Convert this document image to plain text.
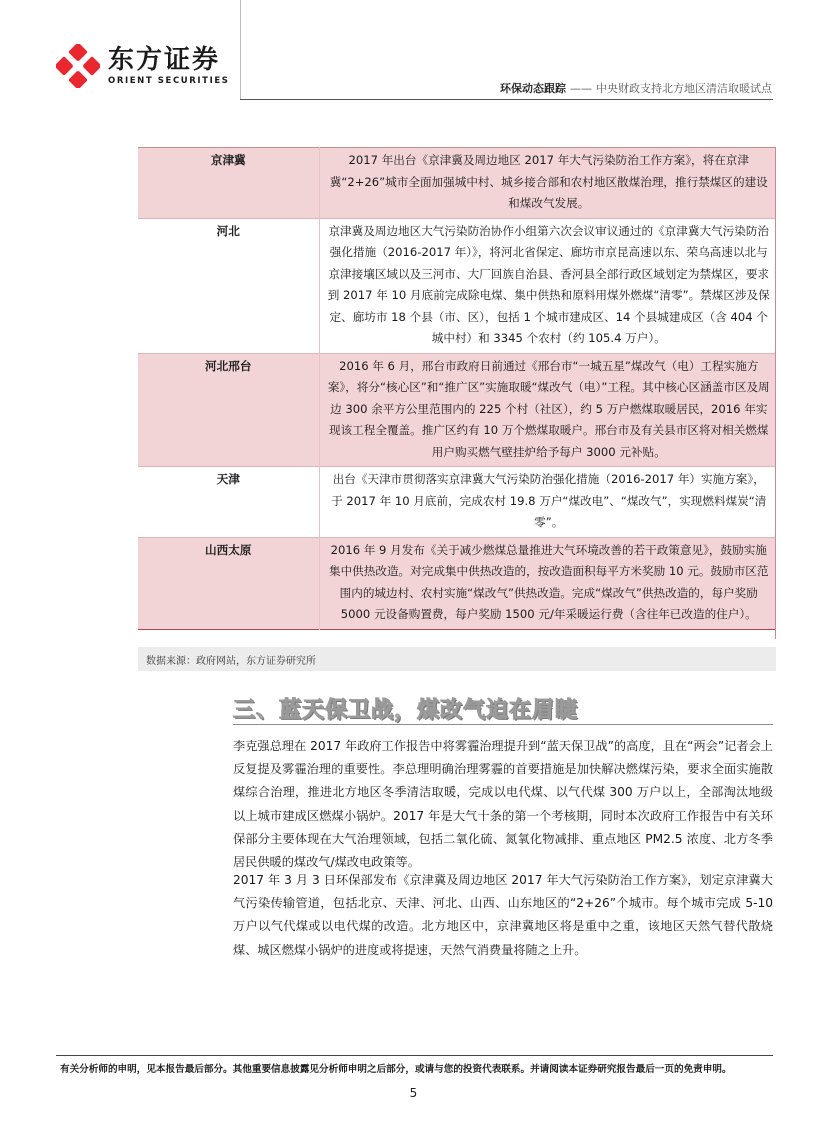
东方证券
ORIENT SECURITIES
环保动态跟踪 —— 中央财政支持北方地区清洁取暖试点
京津冀	2017 年出台《京津冀及周边地区 2017 年大气污染防治工作方案》，将在京津冀“2+26”城市全面加强城中村、城乡接合部和农村地区散煤治理，推行禁煤区的建设和煤改气发展。
河北	京津冀及周边地区大气污染防治协作小组第六次会议审议通过的《京津冀大气污染防治强化措施（2016-2017 年）》，将河北省保定、廊坊市京昆高速以东、荣乌高速以北与京津接壤区域以及三河市、大厂回族自治县、香河县全部行政区域划定为禁煤区，要求到 2017 年 10 月底前完成除电煤、集中供热和原料用煤外燃煤“清零”。禁煤区涉及保定、廊坊市 18 个县（市、区），包括 1 个城市建成区、14 个县城建成区（含 404 个城中村）和 3345 个农村（约 105.4 万户）。
河北邢台	2016 年 6 月，邢台市政府日前通过《邢台市“一城五星”煤改气（电）工程实施方案》，将分“核心区”和“推广区”实施取暖“煤改气（电）”工程。其中核心区涵盖市区及周边 300 余平方公里范围内的 225 个村（社区），约 5 万户燃煤取暖居民，2016 年实现该工程全覆盖。推广区约有 10 万个燃煤取暖户。邢台市及有关县市区将对相关燃煤用户购买燃气壁挂炉给予每户 3000 元补贴。
天津	出台《天津市贯彻落实京津冀大气污染防治强化措施（2016-2017 年）实施方案》，于 2017 年 10 月底前，完成农村 19.8 万户“煤改电”、“煤改气”，实现燃料煤炭“清零”。
山西太原	2016 年 9 月发布《关于减少燃煤总量推进大气环境改善的若干政策意见》，鼓励实施集中供热改造。对完成集中供热改造的，按改造面积每平方米奖励 10 元。鼓励市区范围内的城边村、农村实施“煤改气”供热改造。完成“煤改气”供热改造的，每户奖励 5000 元设备购置费，每户奖励 1500 元/年采暖运行费（含往年已改造的住户）。
数据来源：政府网站，东方证券研究所
三、蓝天保卫战，煤改气迫在眉睫

李克强总理在 2017 年政府工作报告中将雾霾治理提升到“蓝天保卫战”的高度，且在“两会”记者会上反复提及雾霾治理的重要性。李总理明确治理雾霾的首要措施是加快解决燃煤污染，要求全面实施散煤综合治理，推进北方地区冬季清洁取暖，完成以电代煤、以气代煤 300 万户以上，全部淘汰地级以上城市建成区燃煤小锅炉。2017 年是大气十条的第一个考核期，同时本次政府工作报告中有关环保部分主要体现在大气治理领域，包括二氧化硫、氮氧化物减排、重点地区 PM2.5 浓度、北方冬季居民供暖的煤改气/煤改电政策等。

2017 年 3 月 3 日环保部发布《京津冀及周边地区 2017 年大气污染防治工作方案》，划定京津冀大气污染传输管道，包括北京、天津、河北、山西、山东地区的“2+26”个城市。每个城市完成 5-10 万户以气代煤或以电代煤的改造。北方地区中，京津冀地区将是重中之重，该地区天然气替代散烧煤、城区燃煤小锅炉的进度或将提速，天然气消费量将随之上升。

有关分析师的申明，见本报告最后部分。其他重要信息披露见分析师申明之后部分，或请与您的投资代表联系。并请阅读本证券研究报告最后一页的免责申明。
5
